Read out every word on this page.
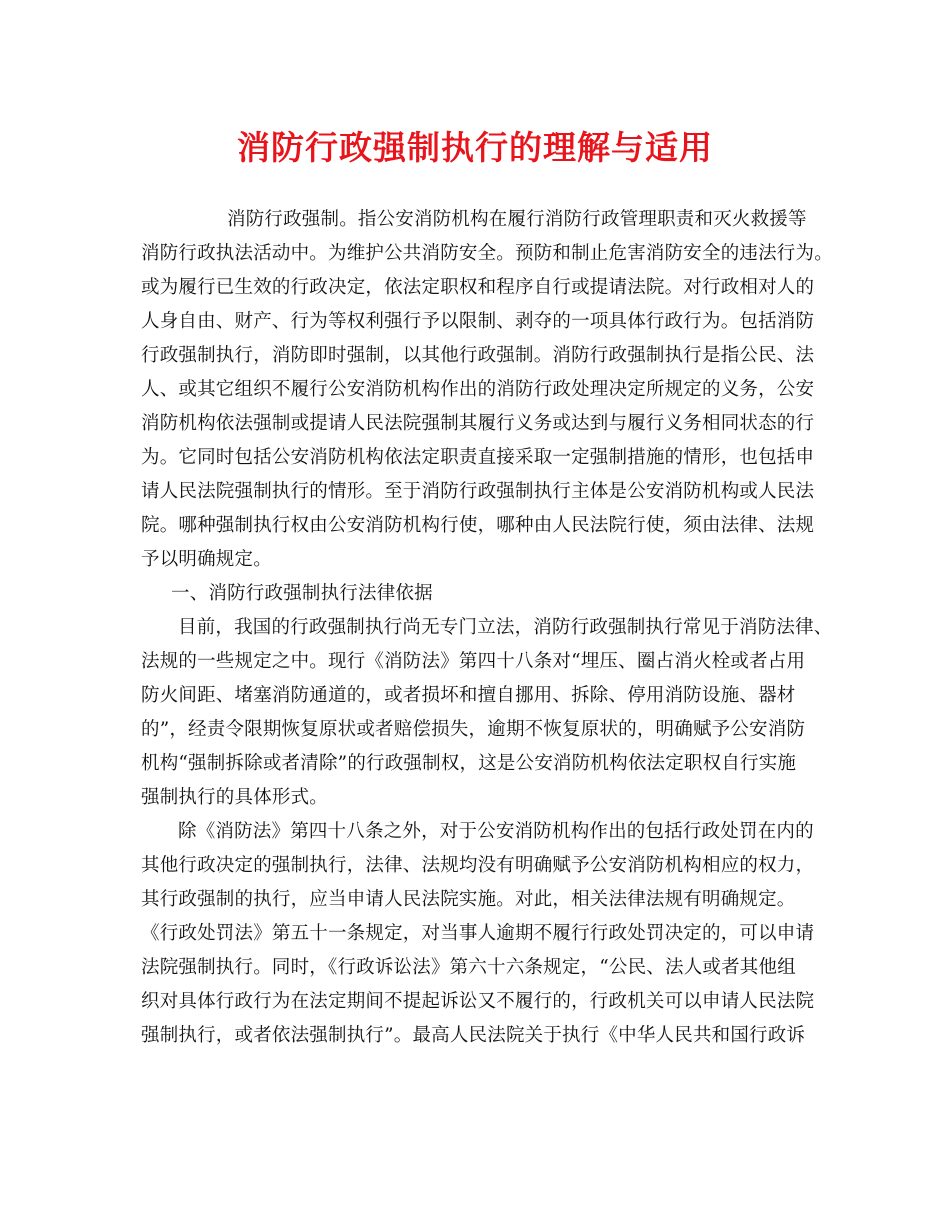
消防行政强制执行的理解与适用
消防行政强制。指公安消防机构在履行消防行政管理职责和灭火救援等
消防行政执法活动中。为维护公共消防安全。预防和制止危害消防安全的违法行为。
或为履行已生效的行政决定，依法定职权和程序自行或提请法院。对行政相对人的
人身自由、财产、行为等权利强行予以限制、剥夺的一项具体行政行为。包括消防
行政强制执行，消防即时强制，以其他行政强制。消防行政强制执行是指公民、法
人、或其它组织不履行公安消防机构作出的消防行政处理决定所规定的义务，公安
消防机构依法强制或提请人民法院强制其履行义务或达到与履行义务相同状态的行
为。它同时包括公安消防机构依法定职责直接采取一定强制措施的情形，也包括申
请人民法院强制执行的情形。至于消防行政强制执行主体是公安消防机构或人民法
院。哪种强制执行权由公安消防机构行使，哪种由人民法院行使，须由法律、法规
予以明确规定。
一、消防行政强制执行法律依据
目前，我国的行政强制执行尚无专门立法，消防行政强制执行常见于消防法律、
法规的一些规定之中。现行《消防法》第四十八条对“埋压、圈占消火栓或者占用
防火间距、堵塞消防通道的，或者损坏和擅自挪用、拆除、停用消防设施、器材
的”，经责令限期恢复原状或者赔偿损失，逾期不恢复原状的，明确赋予公安消防
机构“强制拆除或者清除”的行政强制权，这是公安消防机构依法定职权自行实施
强制执行的具体形式。
除《消防法》第四十八条之外，对于公安消防机构作出的包括行政处罚在内的
其他行政决定的强制执行，法律、法规均没有明确赋予公安消防机构相应的权力，
其行政强制的执行，应当申请人民法院实施。对此，相关法律法规有明确规定。
《行政处罚法》第五十一条规定，对当事人逾期不履行行政处罚决定的，可以申请
法院强制执行。同时，《行政诉讼法》第六十六条规定，“公民、法人或者其他组
织对具体行政行为在法定期间不提起诉讼又不履行的，行政机关可以申请人民法院
强制执行，或者依法强制执行”。最高人民法院关于执行《中华人民共和国行政诉
